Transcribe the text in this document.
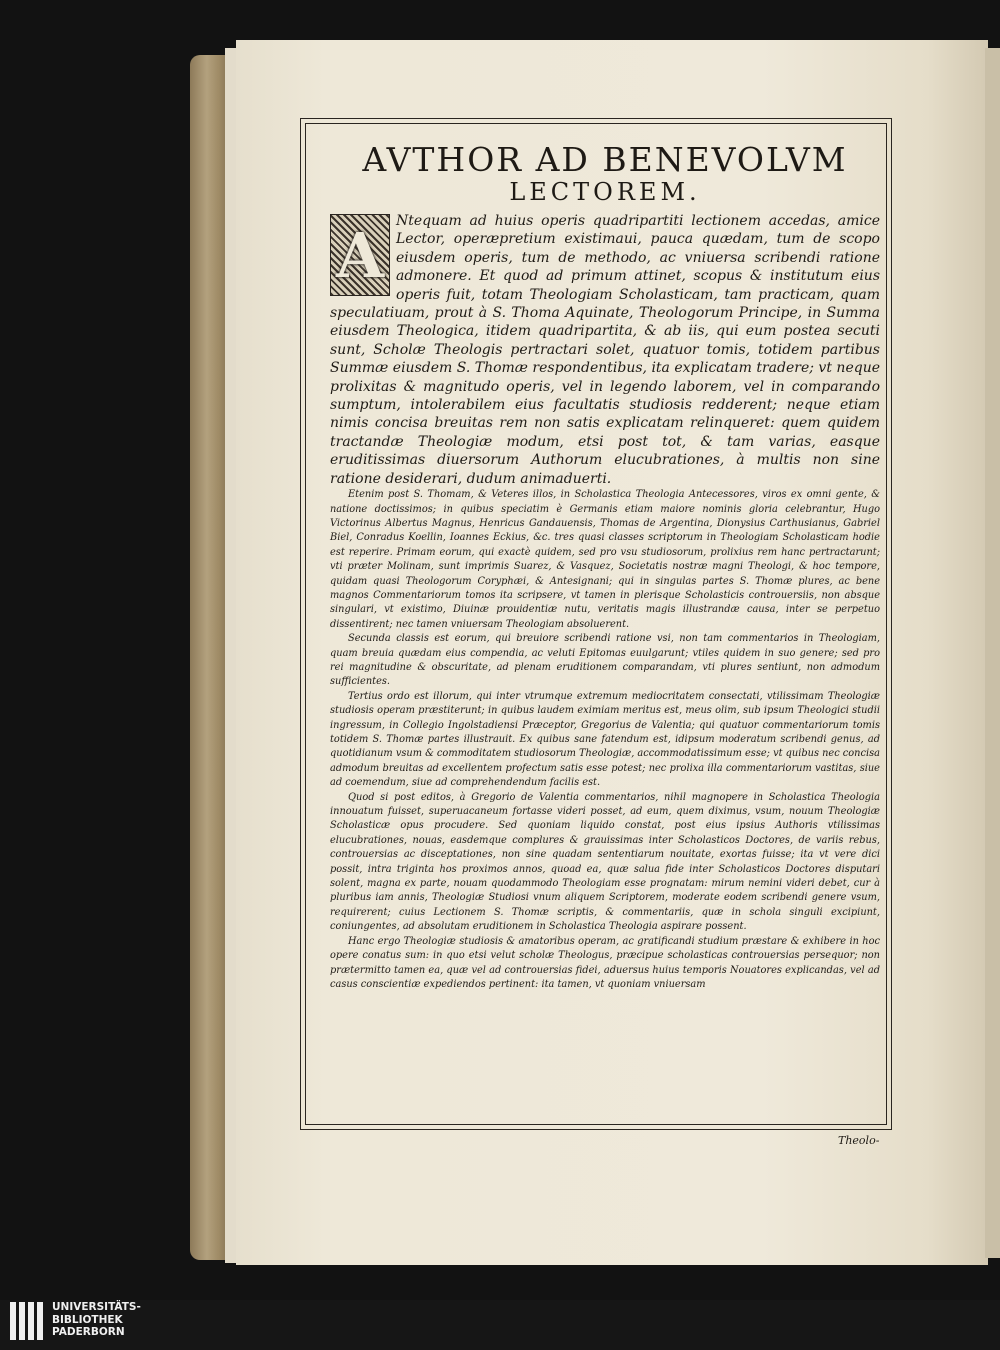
AVTHOR AD BENEVOLVM
LECTOREM.
A Ntequam ad huius operis quadripartiti lectionem accedas, amice Lector, operæpretium existimaui, pauca quædam, tum de scopo eiusdem operis, tum de methodo, ac vniuersa scribendi ratione admonere. Et quod ad primum attinet, scopus & institutum eius operis fuit, totam Theologiam Scholasticam, tam practicam, quam speculatiuam, prout à S. Thoma Aquinate, Theologorum Principe, in Summa eiusdem Theologica, itidem quadripartita, & ab iis, qui eum postea secuti sunt, Scholæ Theologis pertractari solet, quatuor tomis, totidem partibus Summæ eiusdem S. Thomæ respondentibus, ita explicatam tradere; vt neque prolixitas & magnitudo operis, vel in legendo laborem, vel in comparando sumptum, intolerabilem eius facultatis studiosis redderent; neque etiam nimis concisa breuitas rem non satis explicatam relinqueret: quem quidem tractandæ Theologiæ modum, etsi post tot, & tam varias, easque eruditissimas diuersorum Authorum elucubrationes, à multis non sine ratione desiderari, dudum animaduerti.

Etenim post S. Thomam, & Veteres illos, in Scholastica Theologia Antecessores, viros ex omni gente, & natione doctissimos; in quibus speciatim è Germanis etiam maiore nominis gloria celebrantur, Hugo Victorinus Albertus Magnus, Henricus Gandauensis, Thomas de Argentina, Dionysius Carthusianus, Gabriel Biel, Conradus Koellin, Ioannes Eckius, &c. tres quasi classes scriptorum in Theologiam Scholasticam hodie est reperire. Primam eorum, qui exactè quidem, sed pro vsu studiosorum, prolixius rem hanc pertractarunt; vti præter Molinam, sunt imprimis Suarez, & Vasquez, Societatis nostræ magni Theologi, & hoc tempore, quidam quasi Theologorum Coryphæi, & Antesignani; qui in singulas partes S. Thomæ plures, ac bene magnos Commentariorum tomos ita scripsere, vt tamen in plerisque Scholasticis controuersiis, non absque singulari, vt existimo, Diuinæ prouidentiæ nutu, veritatis magis illustrandæ causa, inter se perpetuo dissentirent; nec tamen vniuersam Theologiam absoluerent.

Secunda classis est eorum, qui breuiore scribendi ratione vsi, non tam commentarios in Theologiam, quam breuia quædam eius compendia, ac veluti Epitomas euulgarunt; vtiles quidem in suo genere; sed pro rei magnitudine & obscuritate, ad plenam eruditionem comparandam, vti plures sentiunt, non admodum sufficientes.

Tertius ordo est illorum, qui inter vtrumque extremum mediocritatem consectati, vtilissimam Theologiæ studiosis operam præstiterunt; in quibus laudem eximiam meritus est, meus olim, sub ipsum Theologici studii ingressum, in Collegio Ingolstadiensi Præceptor, Gregorius de Valentia; qui quatuor commentariorum tomis totidem S. Thomæ partes illustrauit. Ex quibus sane fatendum est, idipsum moderatum scribendi genus, ad quotidianum vsum & commoditatem studiosorum Theologiæ, accommodatissimum esse; vt quibus nec concisa admodum breuitas ad excellentem profectum satis esse potest; nec prolixa illa commentariorum vastitas, siue ad coemendum, siue ad comprehendendum facilis est.

Quod si post editos, à Gregorio de Valentia commentarios, nihil magnopere in Scholastica Theologia innouatum fuisset, superuacaneum fortasse videri posset, ad eum, quem diximus, vsum, nouum Theologiæ Scholasticæ opus procudere. Sed quoniam liquido constat, post eius ipsius Authoris vtilissimas elucubrationes, nouas, easdemque complures & grauissimas inter Scholasticos Doctores, de variis rebus, controuersias ac disceptationes, non sine quadam sententiarum nouitate, exortas fuisse; ita vt vere dici possit, intra triginta hos proximos annos, quoad ea, quæ salua fide inter Scholasticos Doctores disputari solent, magna ex parte, nouam quodammodo Theologiam esse prognatam: mirum nemini videri debet, cur à pluribus iam annis, Theologiæ Studiosi vnum aliquem Scriptorem, moderate eodem scribendi genere vsum, requirerent; cuius Lectionem S. Thomæ scriptis, & commentariis, quæ in schola singuli excipiunt, coniungentes, ad absolutam eruditionem in Scholastica Theologia aspirare possent.

Hanc ergo Theologiæ studiosis & amatoribus operam, ac gratificandi studium præstare & exhibere in hoc opere conatus sum: in quo etsi velut scholæ Theologus, præcipue scholasticas controuersias persequor; non prætermitto tamen ea, quæ vel ad controuersias fidei, aduersus huius temporis Nouatores explicandas, vel ad casus conscientiæ expediendos pertinent: ita tamen, vt quoniam vniuersam

Theolo-
UNIVERSITÄTS-
BIBLIOTHEK
PADERBORN
